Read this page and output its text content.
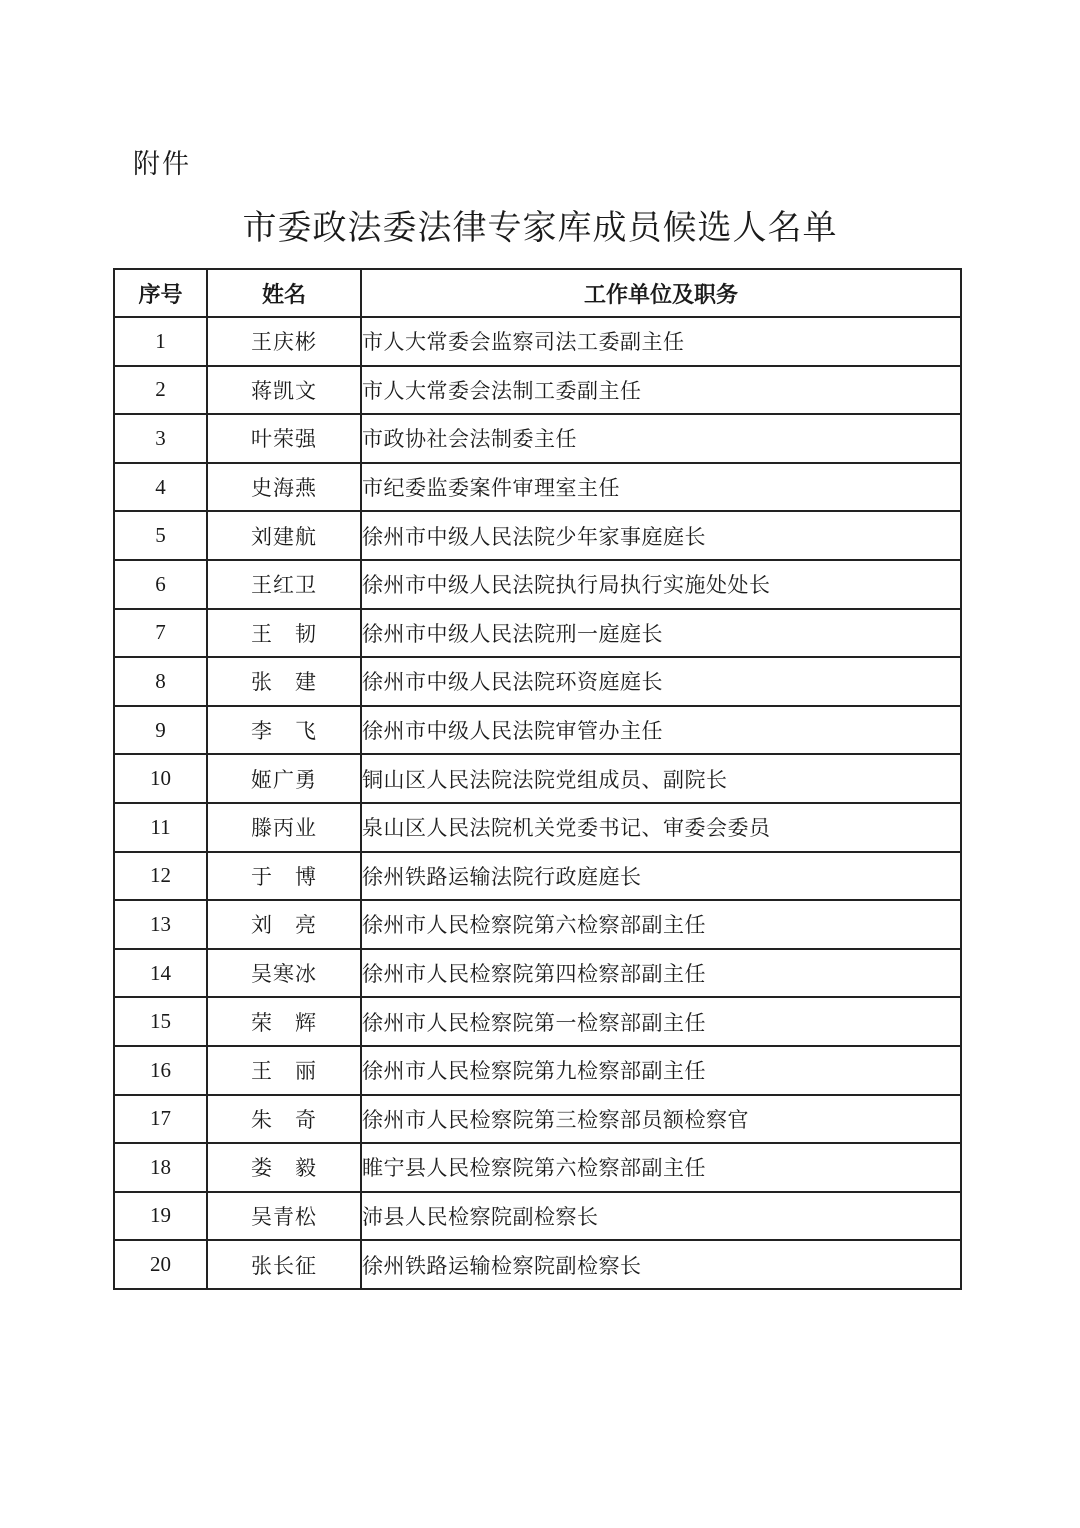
附件
市委政法委法律专家库成员候选人名单
序号	姓名	工作单位及职务
1	王庆彬	市人大常委会监察司法工委副主任
2	蒋凯文	市人大常委会法制工委副主任
3	叶荣强	市政协社会法制委主任
4	史海燕	市纪委监委案件审理室主任
5	刘建航	徐州市中级人民法院少年家事庭庭长
6	王红卫	徐州市中级人民法院执行局执行实施处处长
7	王　韧	徐州市中级人民法院刑一庭庭长
8	张　建	徐州市中级人民法院环资庭庭长
9	李　飞	徐州市中级人民法院审管办主任
10	姬广勇	铜山区人民法院法院党组成员、副院长
11	滕丙业	泉山区人民法院机关党委书记、审委会委员
12	于　博	徐州铁路运输法院行政庭庭长
13	刘　亮	徐州市人民检察院第六检察部副主任
14	吴寒冰	徐州市人民检察院第四检察部副主任
15	荣　辉	徐州市人民检察院第一检察部副主任
16	王　丽	徐州市人民检察院第九检察部副主任
17	朱　奇	徐州市人民检察院第三检察部员额检察官
18	娄　毅	睢宁县人民检察院第六检察部副主任
19	吴青松	沛县人民检察院副检察长
20	张长征	徐州铁路运输检察院副检察长
